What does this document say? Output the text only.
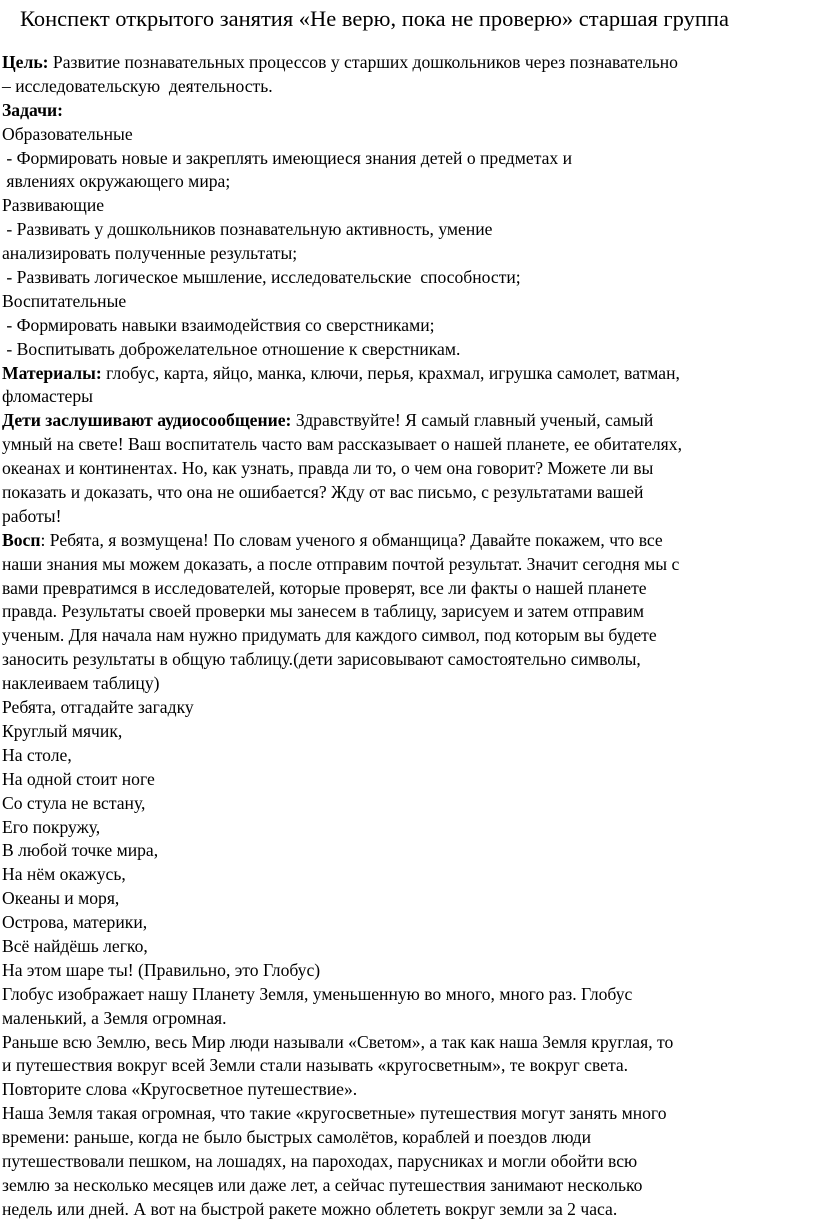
Конспект открытого занятия «Не верю, пока не проверю» старшая группа
Цель: Развитие познавательных процессов у старших дошкольников через познавательно
– исследовательскую  деятельность.
Задачи:
Образовательные
- Формировать новые и закреплять имеющиеся знания детей о предметах и
явлениях окружающего мира;
Развивающие
- Развивать у дошкольников познавательную активность, умение
анализировать полученные результаты;
- Развивать логическое мышление, исследовательские  способности;
Воспитательные
- Формировать навыки взаимодействия со сверстниками;
- Воспитывать доброжелательное отношение к сверстникам.
Материалы: глобус, карта, яйцо, манка, ключи, перья, крахмал, игрушка самолет, ватман,
фломастеры
Дети заслушивают аудиосообщение: Здравствуйте! Я самый главный ученый, самый
умный на свете! Ваш воспитатель часто вам рассказывает о нашей планете, ее обитателях,
океанах и континентах. Но, как узнать, правда ли то, о чем она говорит? Можете ли вы
показать и доказать, что она не ошибается? Жду от вас письмо, с результатами вашей
работы!
Восп: Ребята, я возмущена! По словам ученого я обманщица? Давайте покажем, что все
наши знания мы можем доказать, а после отправим почтой результат. Значит сегодня мы с
вами превратимся в исследователей, которые проверят, все ли факты о нашей планете
правда. Результаты своей проверки мы занесем в таблицу, зарисуем и затем отправим
ученым. Для начала нам нужно придумать для каждого символ, под которым вы будете
заносить результаты в общую таблицу.(дети зарисовывают самостоятельно символы,
наклеиваем таблицу)
Ребята, отгадайте загадку
Круглый мячик,
На столе,
На одной стоит ноге
Со стула не встану,
Его покружу,
В любой точке мира,
На нём окажусь,
Океаны и моря,
Острова, материки,
Всё найдёшь легко,
На этом шаре ты! (Правильно, это Глобус)
Глобус изображает нашу Планету Земля, уменьшенную во много, много раз. Глобус
маленький, а Земля огромная.
Раньше всю Землю, весь Мир люди называли «Светом», а так как наша Земля круглая, то
и путешествия вокруг всей Земли стали называть «кругосветным», те вокруг света.
Повторите слова «Кругосветное путешествие».
Наша Земля такая огромная, что такие «кругосветные» путешествия могут занять много
времени: раньше, когда не было быстрых самолётов, кораблей и поездов люди
путешествовали пешком, на лошадях, на пароходах, парусниках и могли обойти всю
землю за несколько месяцев или даже лет, а сейчас путешествия занимают несколько
недель или дней. А вот на быстрой ракете можно облететь вокруг земли за 2 часа.
